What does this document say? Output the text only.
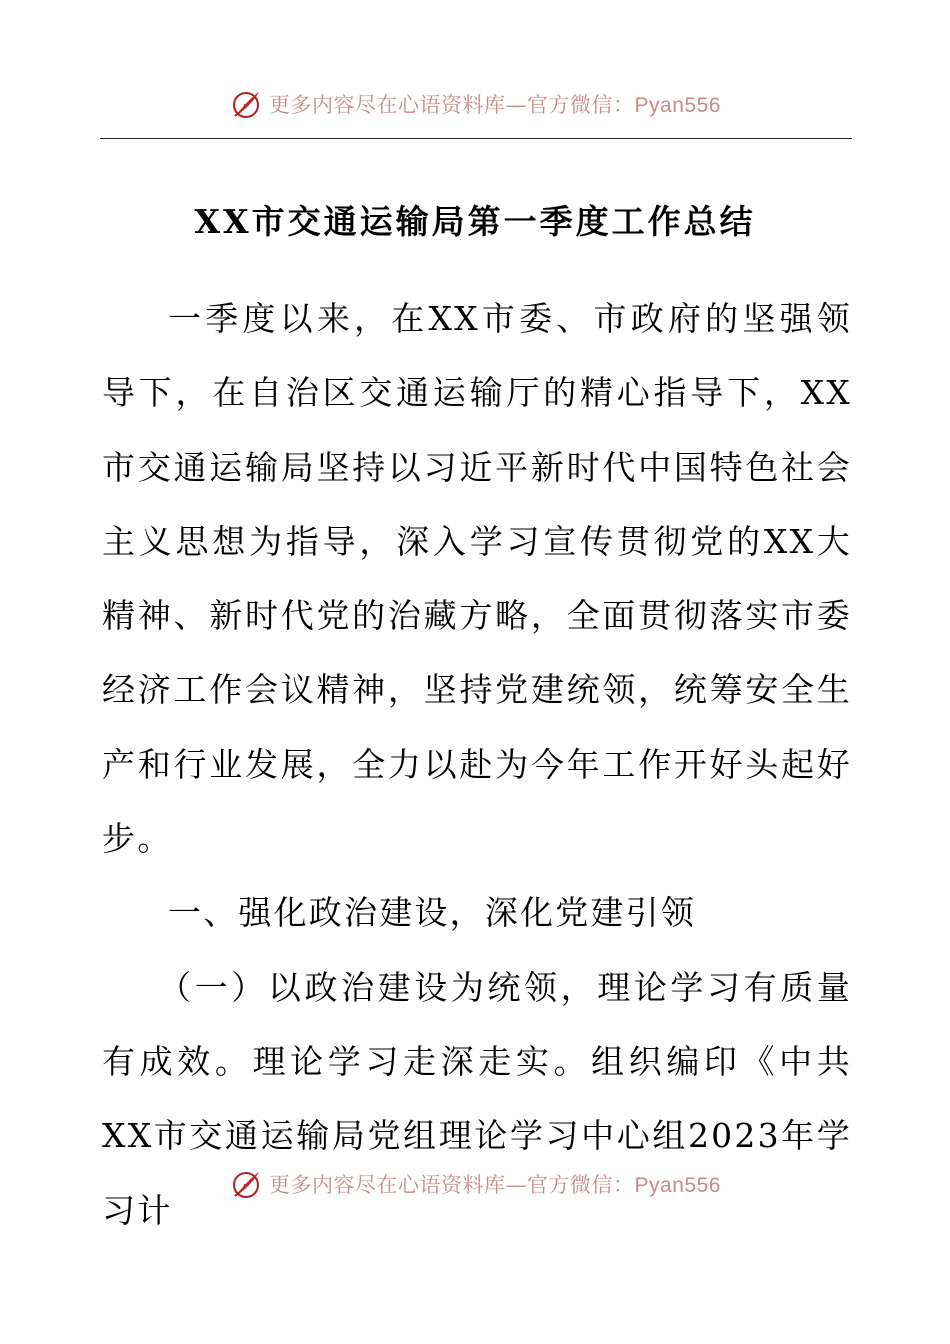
r 更多内容尽在心语资料库—官方微信：Pyan556
XX市交通运输局第一季度工作总结

一季度以来，在XX市委、市政府的坚强领导下，在自治区交通运输厅的精心指导下，XX市交通运输局坚持以习近平新时代中国特色社会主义思想为指导，深入学习宣传贯彻党的XX大精神、新时代党的治藏方略，全面贯彻落实市委经济工作会议精神，坚持党建统领，统筹安全生产和行业发展，全力以赴为今年工作开好头起好步。

一、强化政治建设，深化党建引领

（一）以政治建设为统领，理论学习有质量有成效。理论学习走深走实。组织编印《中共XX市交通运输局党组理论学习中心组2023年学习计

r 更多内容尽在心语资料库—官方微信：Pyan556
